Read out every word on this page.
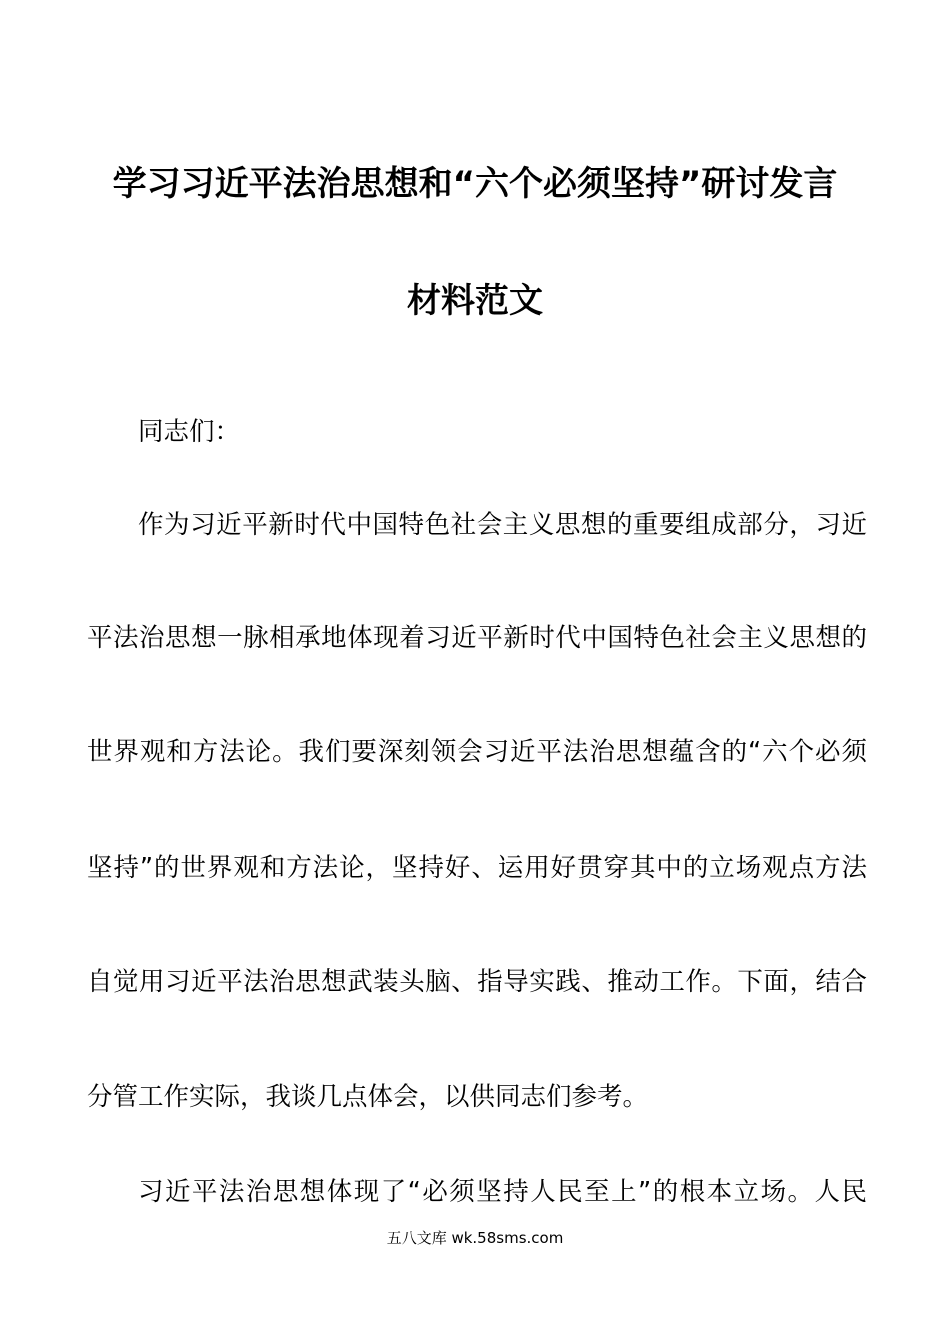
学习习近平法治思想和“六个必须坚持”研讨发言
材料范文
同志们：
作为习近平新时代中国特色社会主义思想的重要组成部分，习近
平法治思想一脉相承地体现着习近平新时代中国特色社会主义思想的
世界观和方法论。我们要深刻领会习近平法治思想蕴含的“六个必须
坚持”的世界观和方法论，坚持好、运用好贯穿其中的立场观点方法
自觉用习近平法治思想武装头脑、指导实践、推动工作。下面，结合
分管工作实际，我谈几点体会，以供同志们参考。
习近平法治思想体现了“必须坚持人民至上”的根本立场。人民
五八文库 wk.58sms.com
